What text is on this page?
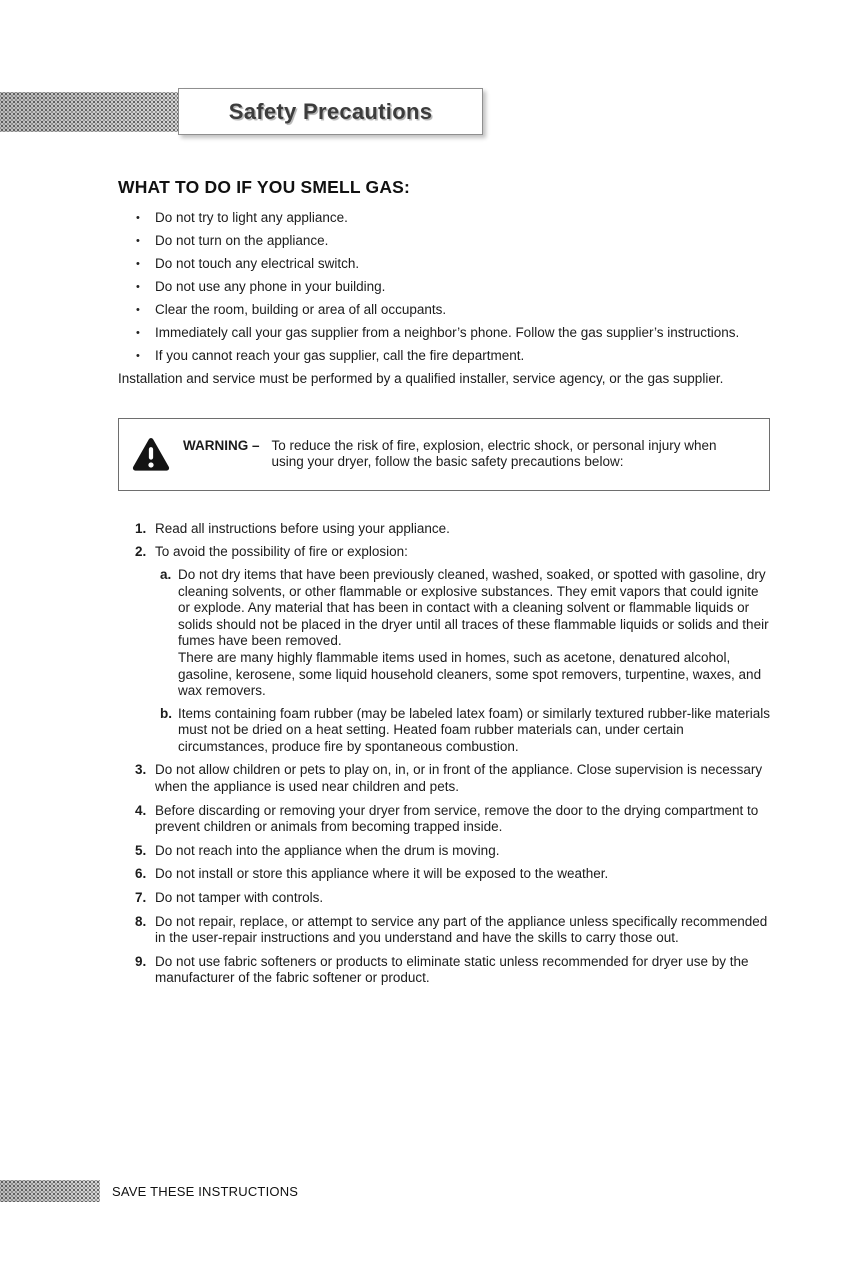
Safety Precautions
WHAT TO DO IF YOU SMELL GAS:
•	Do not try to light any appliance.
•	Do not turn on the appliance.
•	Do not touch any electrical switch.
•	Do not use any phone in your building.
•	Clear the room, building or area of all occupants.
•	Immediately call your gas supplier from a neighbor’s phone. Follow the gas supplier’s instructions.
•	If you cannot reach your gas supplier, call the fire department.

Installation and service must be performed by a qualified installer, service agency, or the gas supplier.

WARNING – To reduce the risk of fire, explosion, electric shock, or personal injury when using your dryer, follow the basic safety precautions below:
1. Read all instructions before using your appliance.
2. To avoid the possibility of fire or explosion:
a. Do not dry items that have been previously cleaned, washed, soaked, or spotted with gasoline, dry cleaning solvents, or other flammable or explosive substances. They emit vapors that could ignite or explode. Any material that has been in contact with a cleaning solvent or flammable liquids or solids should not be placed in the dryer until all traces of these flammable liquids or solids and their fumes have been removed.

There are many highly flammable items used in homes, such as acetone, denatured alcohol, gasoline, kerosene, some liquid household cleaners, some spot removers, turpentine, waxes, and wax removers.

b. Items containing foam rubber (may be labeled latex foam) or similarly textured rubber-like materials must not be dried on a heat setting. Heated foam rubber materials can, under certain circumstances, produce fire by spontaneous combustion.

3. Do not allow children or pets to play on, in, or in front of the appliance. Close supervision is necessary when the appliance is used near children and pets.
4. Before discarding or removing your dryer from service, remove the door to the drying compartment to prevent children or animals from becoming trapped inside.
5. Do not reach into the appliance when the drum is moving.
6. Do not install or store this appliance where it will be exposed to the weather.
7. Do not tamper with controls.
8. Do not repair, replace, or attempt to service any part of the appliance unless specifically recommended in the user-repair instructions and you understand and have the skills to carry those out.
9. Do not use fabric softeners or products to eliminate static unless recommended for dryer use by the manufacturer of the fabric softener or product.
SAVE THESE INSTRUCTIONS
